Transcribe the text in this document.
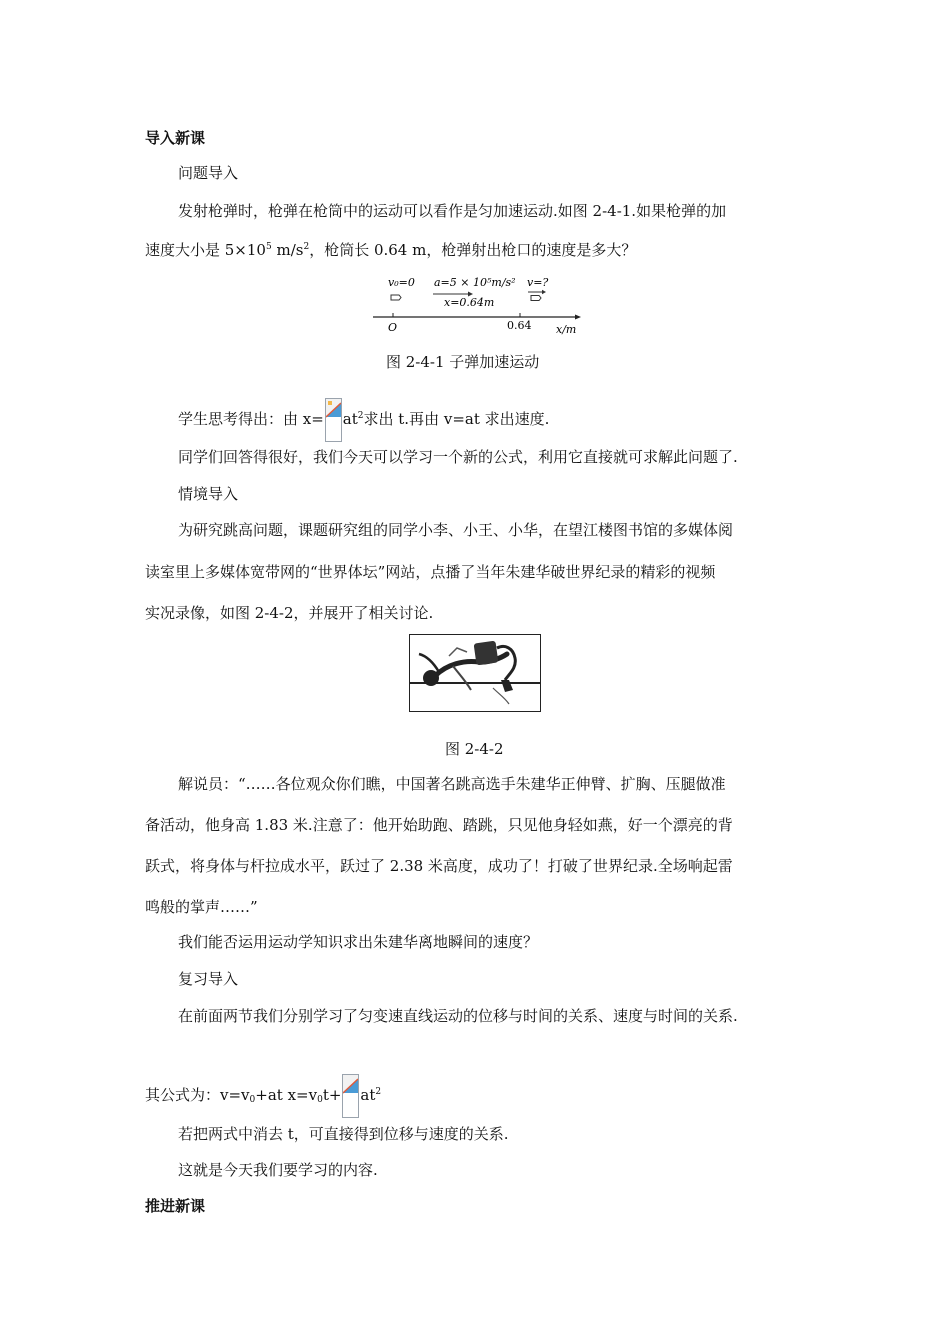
导入新课
问题导入
发射枪弹时，枪弹在枪筒中的运动可以看作是匀加速运动.如图 2-4-1.如果枪弹的加
速度大小是 $5\times 10^5$ $m/s^2$，枪筒长 0.64 m，枪弹射出枪口的速度是多大？
v₀=0 a=5 × 10⁵m/s²
x=0.64m
v=?
O	0.64 x/m
图 2-4-1 子弹加速运动
学生思考得出：由 $x= at^2$求出 t.再由 v=at 求出速度.
同学们回答得很好，我们今天可以学习一个新的公式，利用它直接就可求解此问题了.
情境导入
为研究跳高问题，课题研究组的同学小李、小王、小华，在望江楼图书馆的多媒体阅
读室里上多媒体宽带网的“世界体坛”网站，点播了当年朱建华破世界纪录的精彩的视频
实况录像，如图 2-4-2，并展开了相关讨论.
图 2-4-2
解说员：“……各位观众你们瞧，中国著名跳高选手朱建华正伸臂、扩胸、压腿做准
备活动，他身高 1.83 米.注意了：他开始助跑、踏跳，只见他身轻如燕，好一个漂亮的背
跃式，将身体与杆拉成水平，跃过了 2.38 米高度，成功了！打破了世界纪录.全场响起雷
鸣般的掌声……”
我们能否运用运动学知识求出朱建华离地瞬间的速度？
复习导入
在前面两节我们分别学习了匀变速直线运动的位移与时间的关系、速度与时间的关系.
其公式为：$v=v_0+at$ $x=v_0t+ at^2$
若把两式中消去 t，可直接得到位移与速度的关系.
这就是今天我们要学习的内容.
推进新课
